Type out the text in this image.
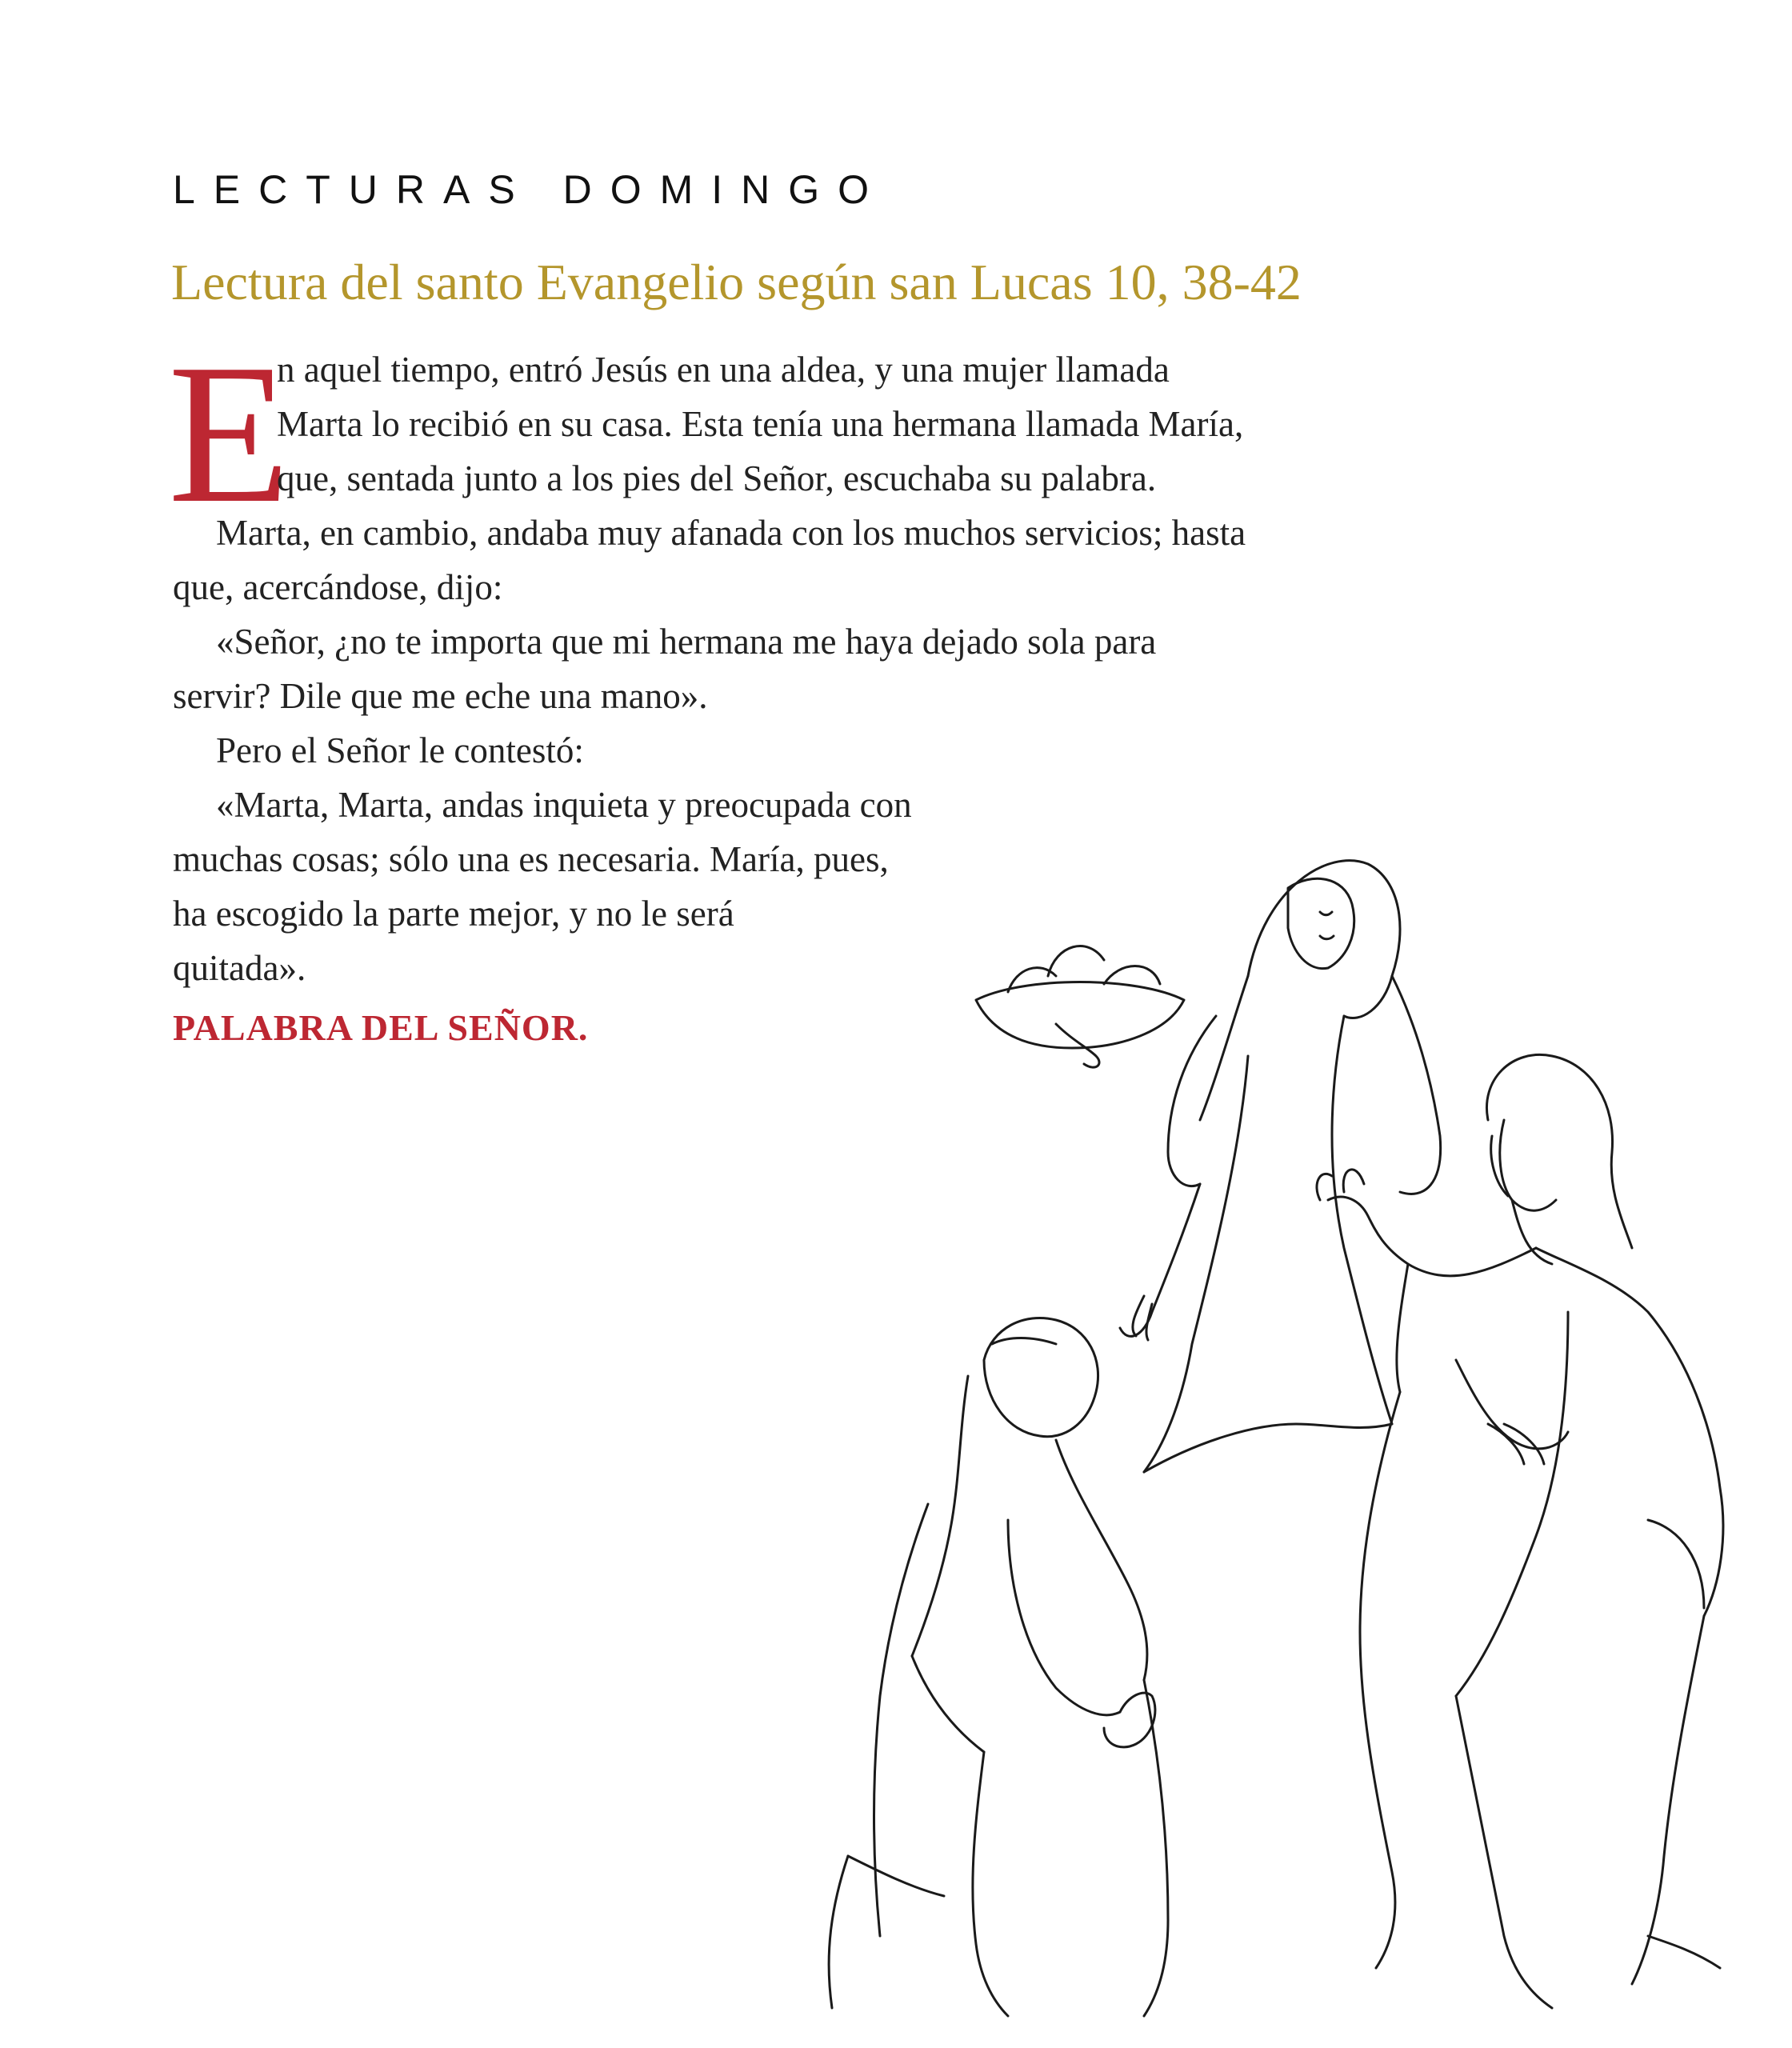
LECTURAS DOMINGO
Lectura del santo Evangelio según san Lucas 10, 38-42
E
n aquel tiempo, entró Jesús en una aldea, y una mujer llamada
Marta lo recibió en su casa. Esta tenía una hermana llamada María,
que, sentada junto a los pies del Señor, escuchaba su palabra.
Marta, en cambio, andaba muy afanada con los muchos servicios; hasta
que, acercándose, dijo:
«Señor, ¿no te importa que mi hermana me haya dejado sola para
servir? Dile que me eche una mano».
Pero el Señor le contestó:
«Marta, Marta, andas inquieta y preocupada con
muchas cosas; sólo una es necesaria. María, pues,
ha escogido la parte mejor, y no le será
quitada».
PALABRA DEL SEÑOR.
